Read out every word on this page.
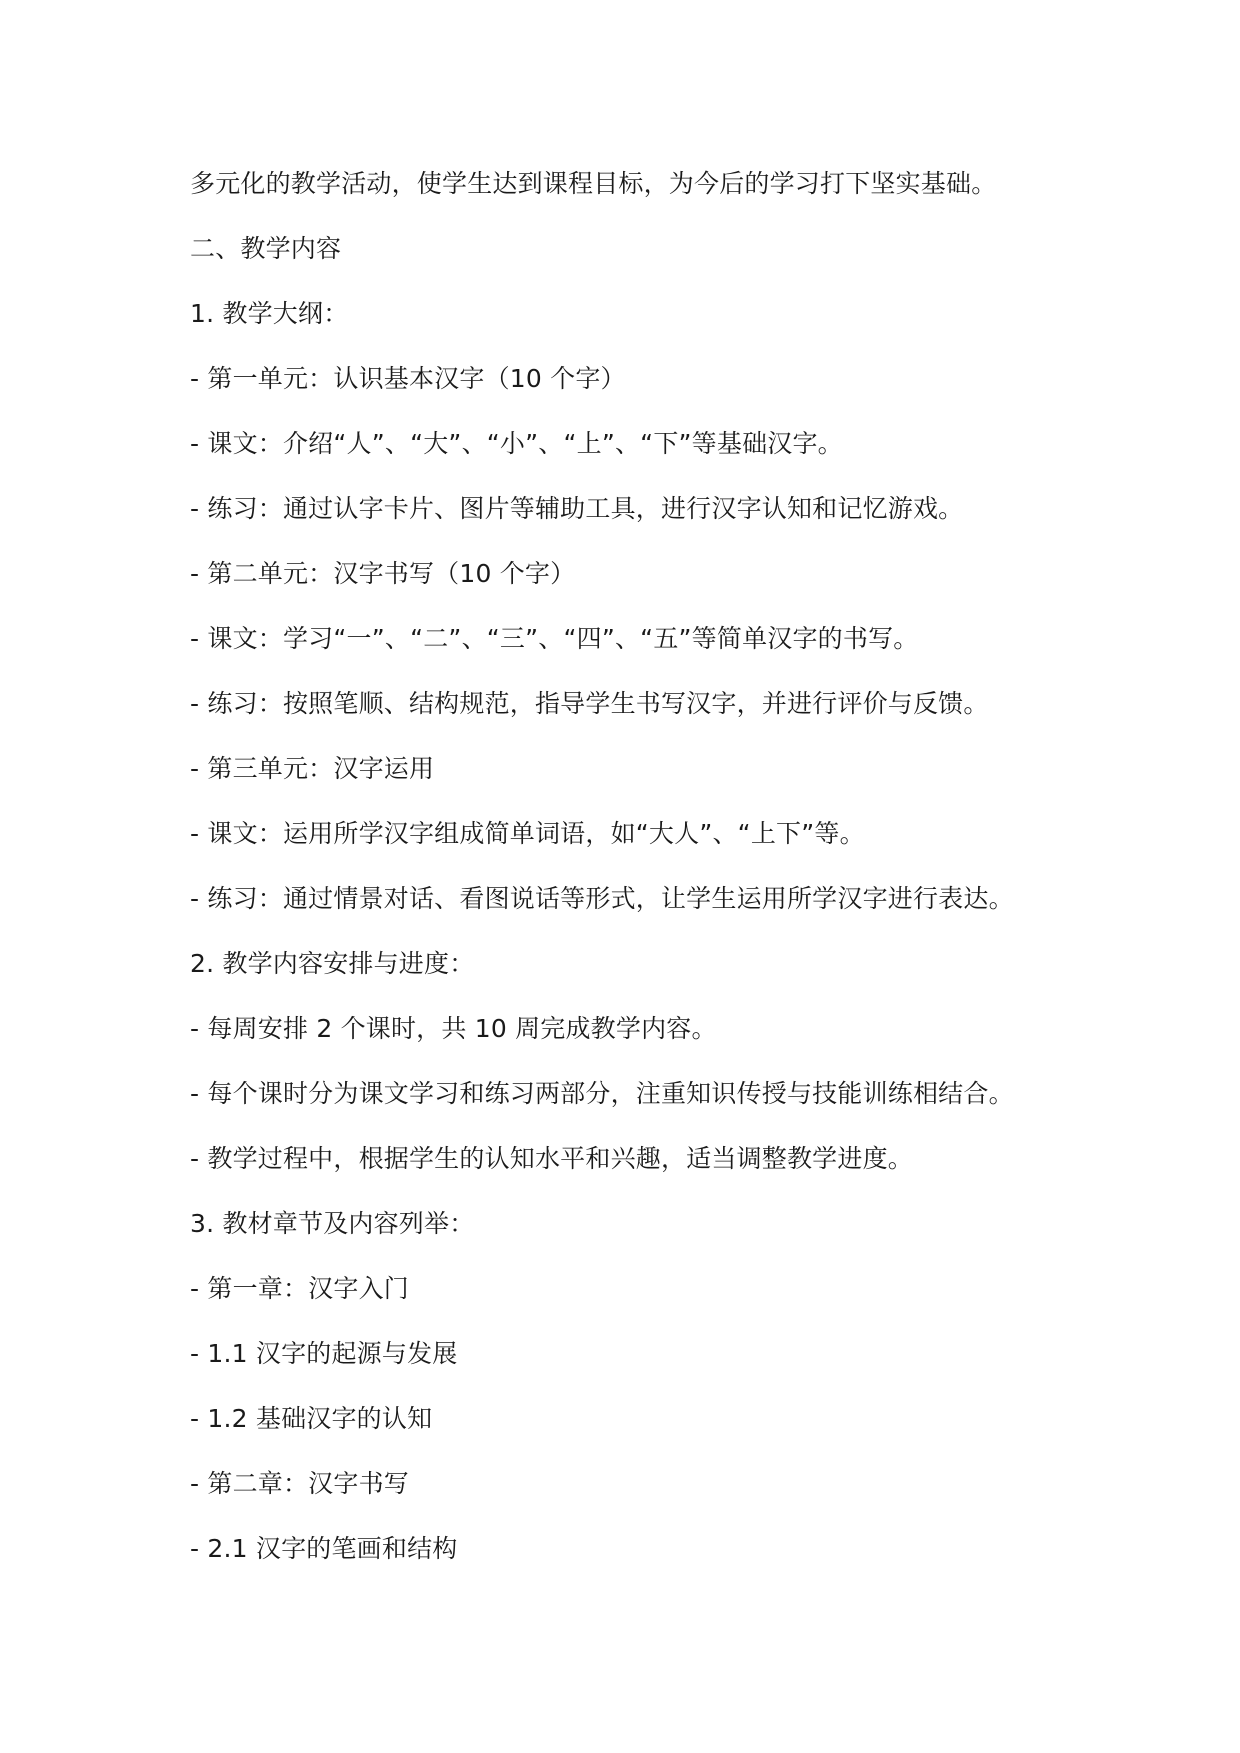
多元化的教学活动，使学生达到课程目标，为今后的学习打下坚实基础。
二、教学内容
1. 教学大纲：
- 第一单元：认识基本汉字（10 个字）
- 课文：介绍“人”、“大”、“小”、“上”、“下”等基础汉字。
- 练习：通过认字卡片、图片等辅助工具，进行汉字认知和记忆游戏。
- 第二单元：汉字书写（10 个字）
- 课文：学习“一”、“二”、“三”、“四”、“五”等简单汉字的书写。
- 练习：按照笔顺、结构规范，指导学生书写汉字，并进行评价与反馈。
- 第三单元：汉字运用
- 课文：运用所学汉字组成简单词语，如“大人”、“上下”等。
- 练习：通过情景对话、看图说话等形式，让学生运用所学汉字进行表达。
2. 教学内容安排与进度：
- 每周安排 2 个课时，共 10 周完成教学内容。
- 每个课时分为课文学习和练习两部分，注重知识传授与技能训练相结合。
- 教学过程中，根据学生的认知水平和兴趣，适当调整教学进度。
3. 教材章节及内容列举：
- 第一章：汉字入门
- 1.1 汉字的起源与发展
- 1.2 基础汉字的认知
- 第二章：汉字书写
- 2.1 汉字的笔画和结构
